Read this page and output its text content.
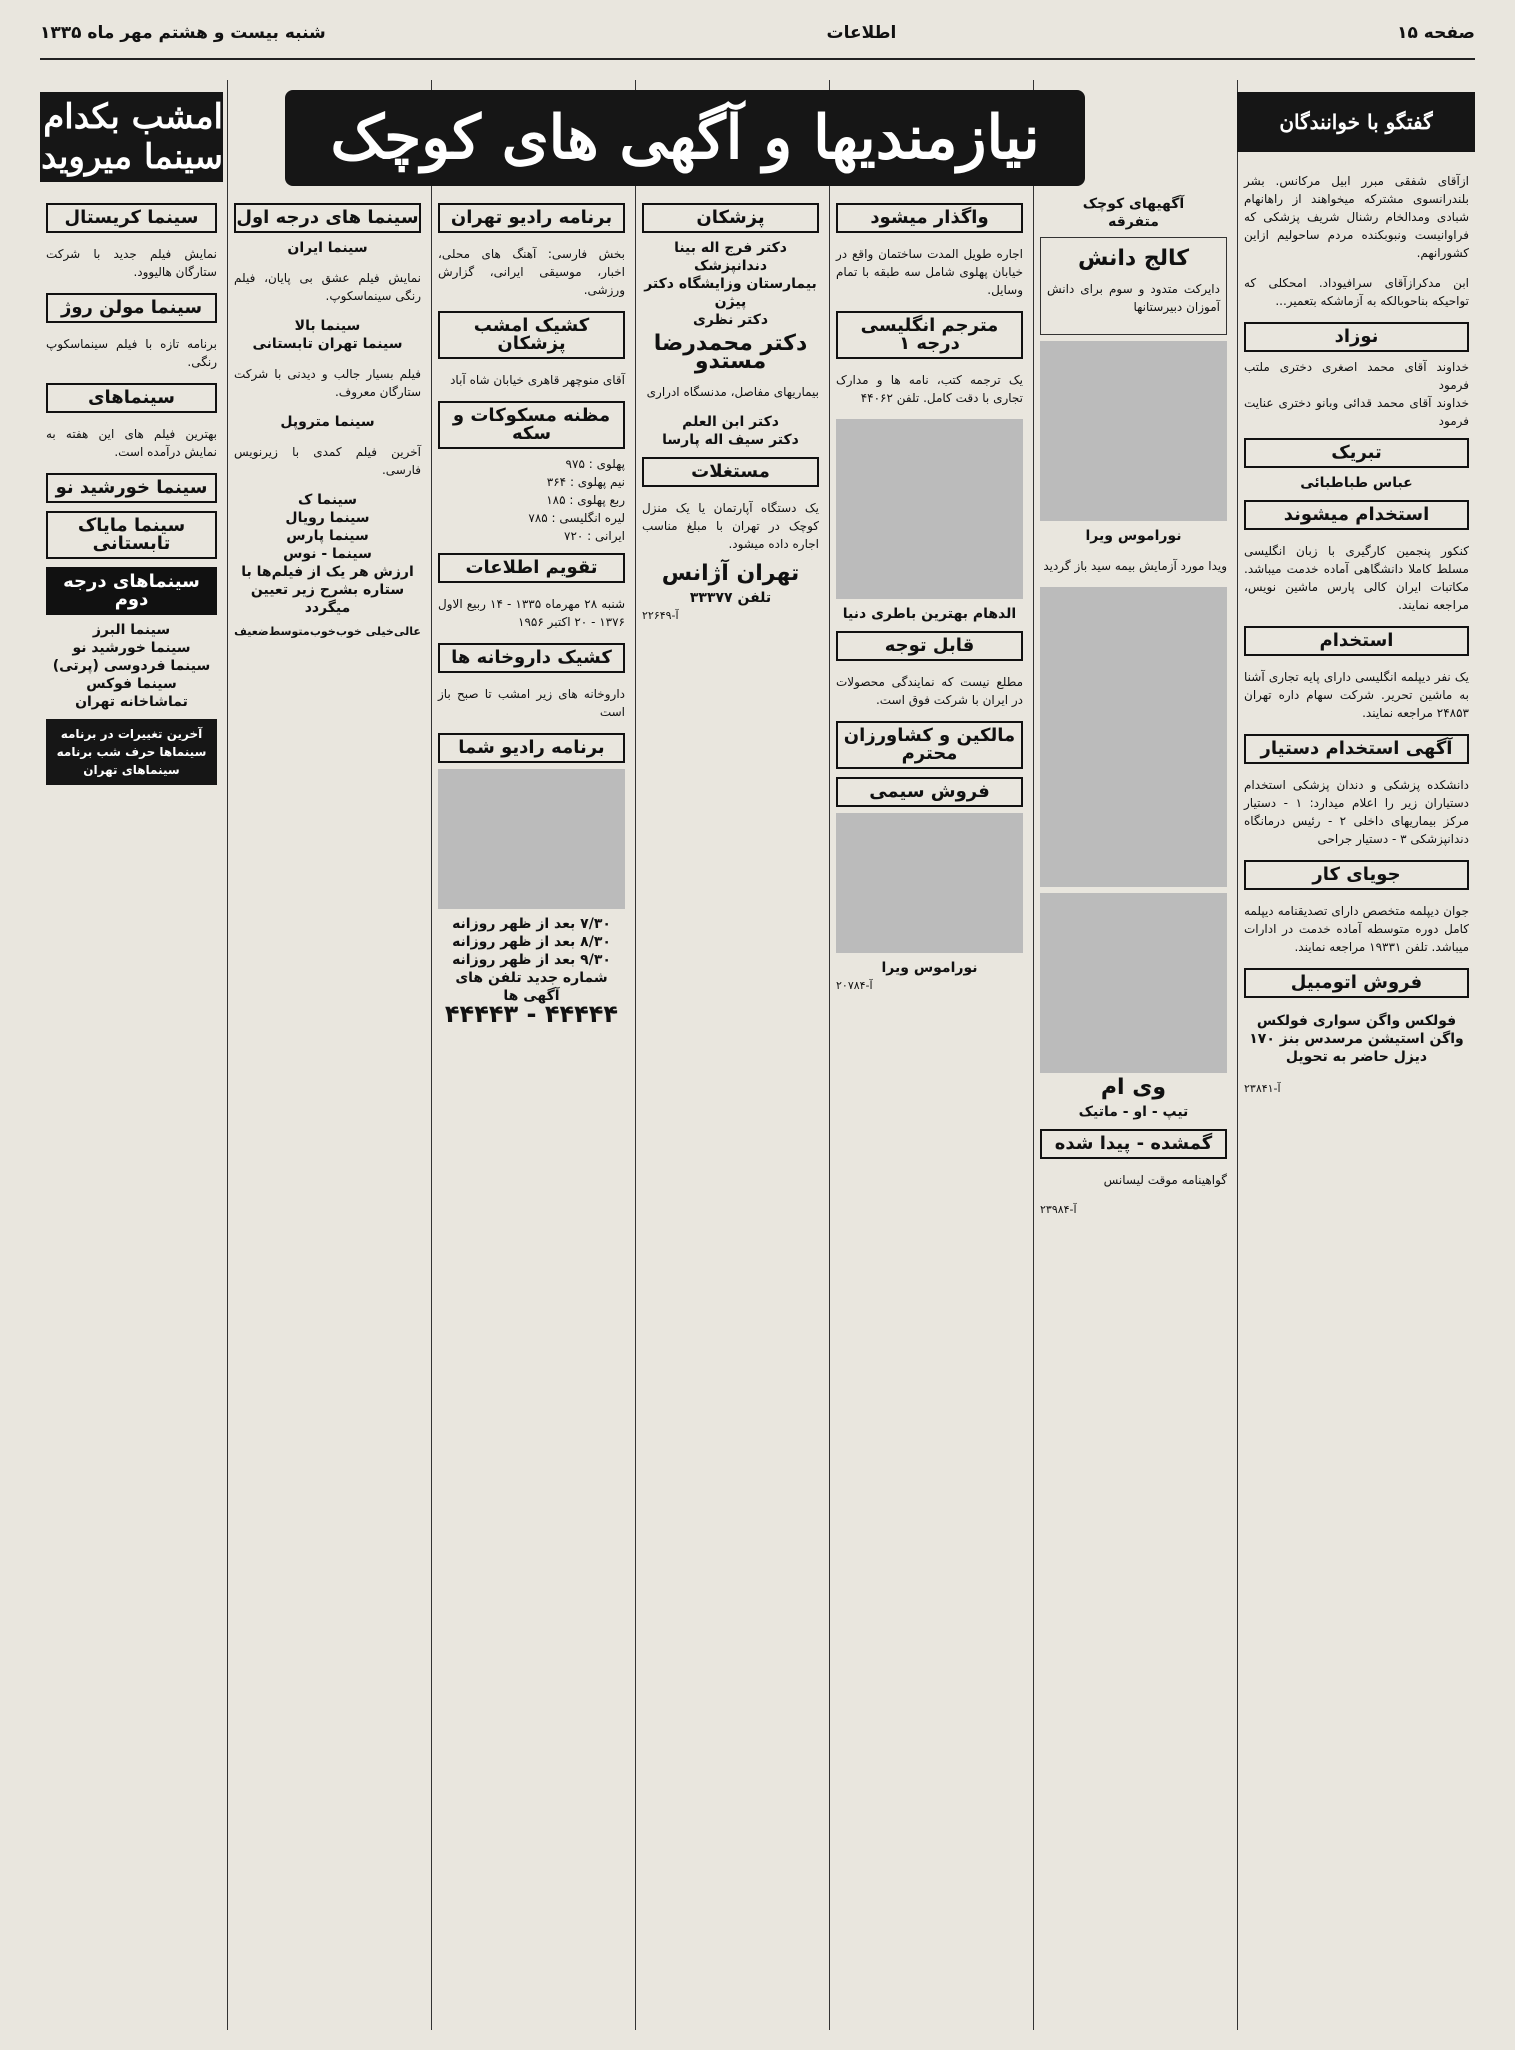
صفحه ۱۵
اطلاعات
شنبه بیست و هشتم مهر ماه ۱۳۳۵
گفتگو با خوانندگان
نیازمندیها و آگهی های کوچک
امشب بکدام سینما میروید

ازآقای شفقی مبرر ابیل مرکانس. بشر بلندرانسوی مشترکه میخواهند از راهانهام شبادی ومدالخام رشنال شریف پزشکی که فراوانیست ونبوبکنده مردم ساحولیم ازاین کشورانهم.

ابن مدکرازآقای سرافیوداد. امحکلی که تواحیکه بناحوبالکه به آزماشکه بتعمیر...

نوزاد
خداوند آقای محمد اصغری دختری ملتب فرمود
خداوند آقای محمد قدائی وبانو دختری عنایت فرمود
تبریک
عباس طباطبائی
استخدام میشوند

کنکور پنجمین کارگیری با زبان انگلیسی مسلط کاملا دانشگاهی آماده خدمت میباشد. مکاتبات ایران کالی پارس ماشین نویس، مراجعه نمایند.

استخدام

یک نفر دیپلمه انگلیسی دارای پایه تجاری آشنا به ماشین تحریر. شرکت سهام داره تهران ۲۴۸۵۳ مراجعه نمایند.

آگهی استخدام دستیار

دانشکده پزشکی و دندان پزشکی استخدام دستیاران زیر را اعلام میدارد: ۱ - دستیار مرکز بیماریهای داخلی ۲ - رئیس درمانگاه دندانپزشکی ۳ - دستیار جراحی

جویای کار

جوان دیپلمه متخصص دارای تصدیقنامه دیپلمه کامل دوره متوسطه آماده خدمت در ادارات میباشد. تلفن ۱۹۳۳۱ مراجعه نمایند.

فروش اتومبیل

فولکس واگن سواری فولکس واگن استیشن مرسدس بنز ۱۷۰ دیزل حاضر به تحویل

آ-۲۳۸۴۱
آگهیهای کوچک
متفرقه
کالج دانش

دایرکت متدود و سوم برای دانش آموزان دبیرستانها

نوراموس ویرا

ویدا مورد آزمایش بیمه سید باز گردید

وی ام
تیپ - او - ماتیک
گمشده - پیدا شده

گواهینامه موقت لیسانس

آ-۲۳۹۸۴
واگذار میشود

اجاره طویل المدت ساختمان واقع در خیابان پهلوی شامل سه طبقه با تمام وسایل.

مترجم انگلیسی درجه ۱

یک ترجمه کتب، نامه ها و مدارک تجاری با دقت کامل. تلفن ۴۴۰۶۲

الدهام بهترین باطری دنیا
قابل توجه

مطلع نیست که نمایندگی محصولات در ایران با شرکت فوق است.

مالکین و کشاورزان محترم
فروش سیمی
نوراموس ویرا
آ-۲۰۷۸۴
پزشکان
دکتر فرج اله بینا دندانپزشک
بیمارستان وزایشگاه دکتر پیژن
دکتر نظری
دکتر محمدرضا مستدو

بیماریهای مفاصل، مدنسگاه ادراری

دکتر ابن العلم
دکتر سیف اله پارسا
مستغلات

یک دستگاه آپارتمان یا یک منزل کوچک در تهران با مبلغ مناسب اجاره داده میشود.

تهران آژانس
تلفن ۳۳۳۷۷
آ-۲۲۶۴۹
برنامه رادیو تهران

بخش فارسی: آهنگ های محلی، اخبار، موسیقی ایرانی، گزارش ورزشی.

کشیک امشب پزشکان

آقای منوچهر قاهری خیابان شاه آباد

مظنه مسکوکات و سکه
پهلوی : ۹۷۵
نیم پهلوی : ۳۶۴
ربع پهلوی : ۱۸۵
لیره انگلیسی : ۷۸۵
ایرانی : ۷۲۰
تقویم اطلاعات

شنبه ۲۸ مهرماه ۱۳۳۵ - ۱۴ ربیع الاول ۱۳۷۶ - ۲۰ اکتبر ۱۹۵۶

کشیک داروخانه ها

داروخانه های زیر امشب تا صبح باز است

برنامه رادیو شما
۷/۳۰ بعد از ظهر روزانه
۸/۳۰ بعد از ظهر روزانه
۹/۳۰ بعد از ظهر روزانه
شماره جدید تلفن های آگهی ها
۴۴۴۴۴ - ۴۴۴۴۳
سینما های درجه اول
سینما ایران

نمایش فیلم عشق بی پایان، فیلم رنگی سینماسکوپ.

سینما بالا
سینما تهران تابستانی

فیلم بسیار جالب و دیدنی با شرکت ستارگان معروف.

سینما متروپل

آخرین فیلم کمدی با زیرنویس فارسی.

سینما ک
سینما رویال
سینما پارس
سینما - نوس
ارزش هر یک از فیلم‌ها با ستاره بشرح زیر تعیین میگردد
عالی
خیلی خوب
خوب
متوسط
ضعیف
سینما کریستال

نمایش فیلم جدید با شرکت ستارگان هالیوود.

سینما مولن روژ

برنامه تازه با فیلم سینماسکوپ رنگی.

سینماهای

بهترین فیلم های این هفته به نمایش درآمده است.

سینما خورشید نو
سینما مایاک تابستانی
سینماهای درجه دوم
سینما البرز
سینما خورشید نو
سینما فردوسی (پرتی)
سینما فوکس
تماشاخانه تهران
آخرین تغییرات در برنامه سینماها حرف شب برنامه سینماهای تهران
